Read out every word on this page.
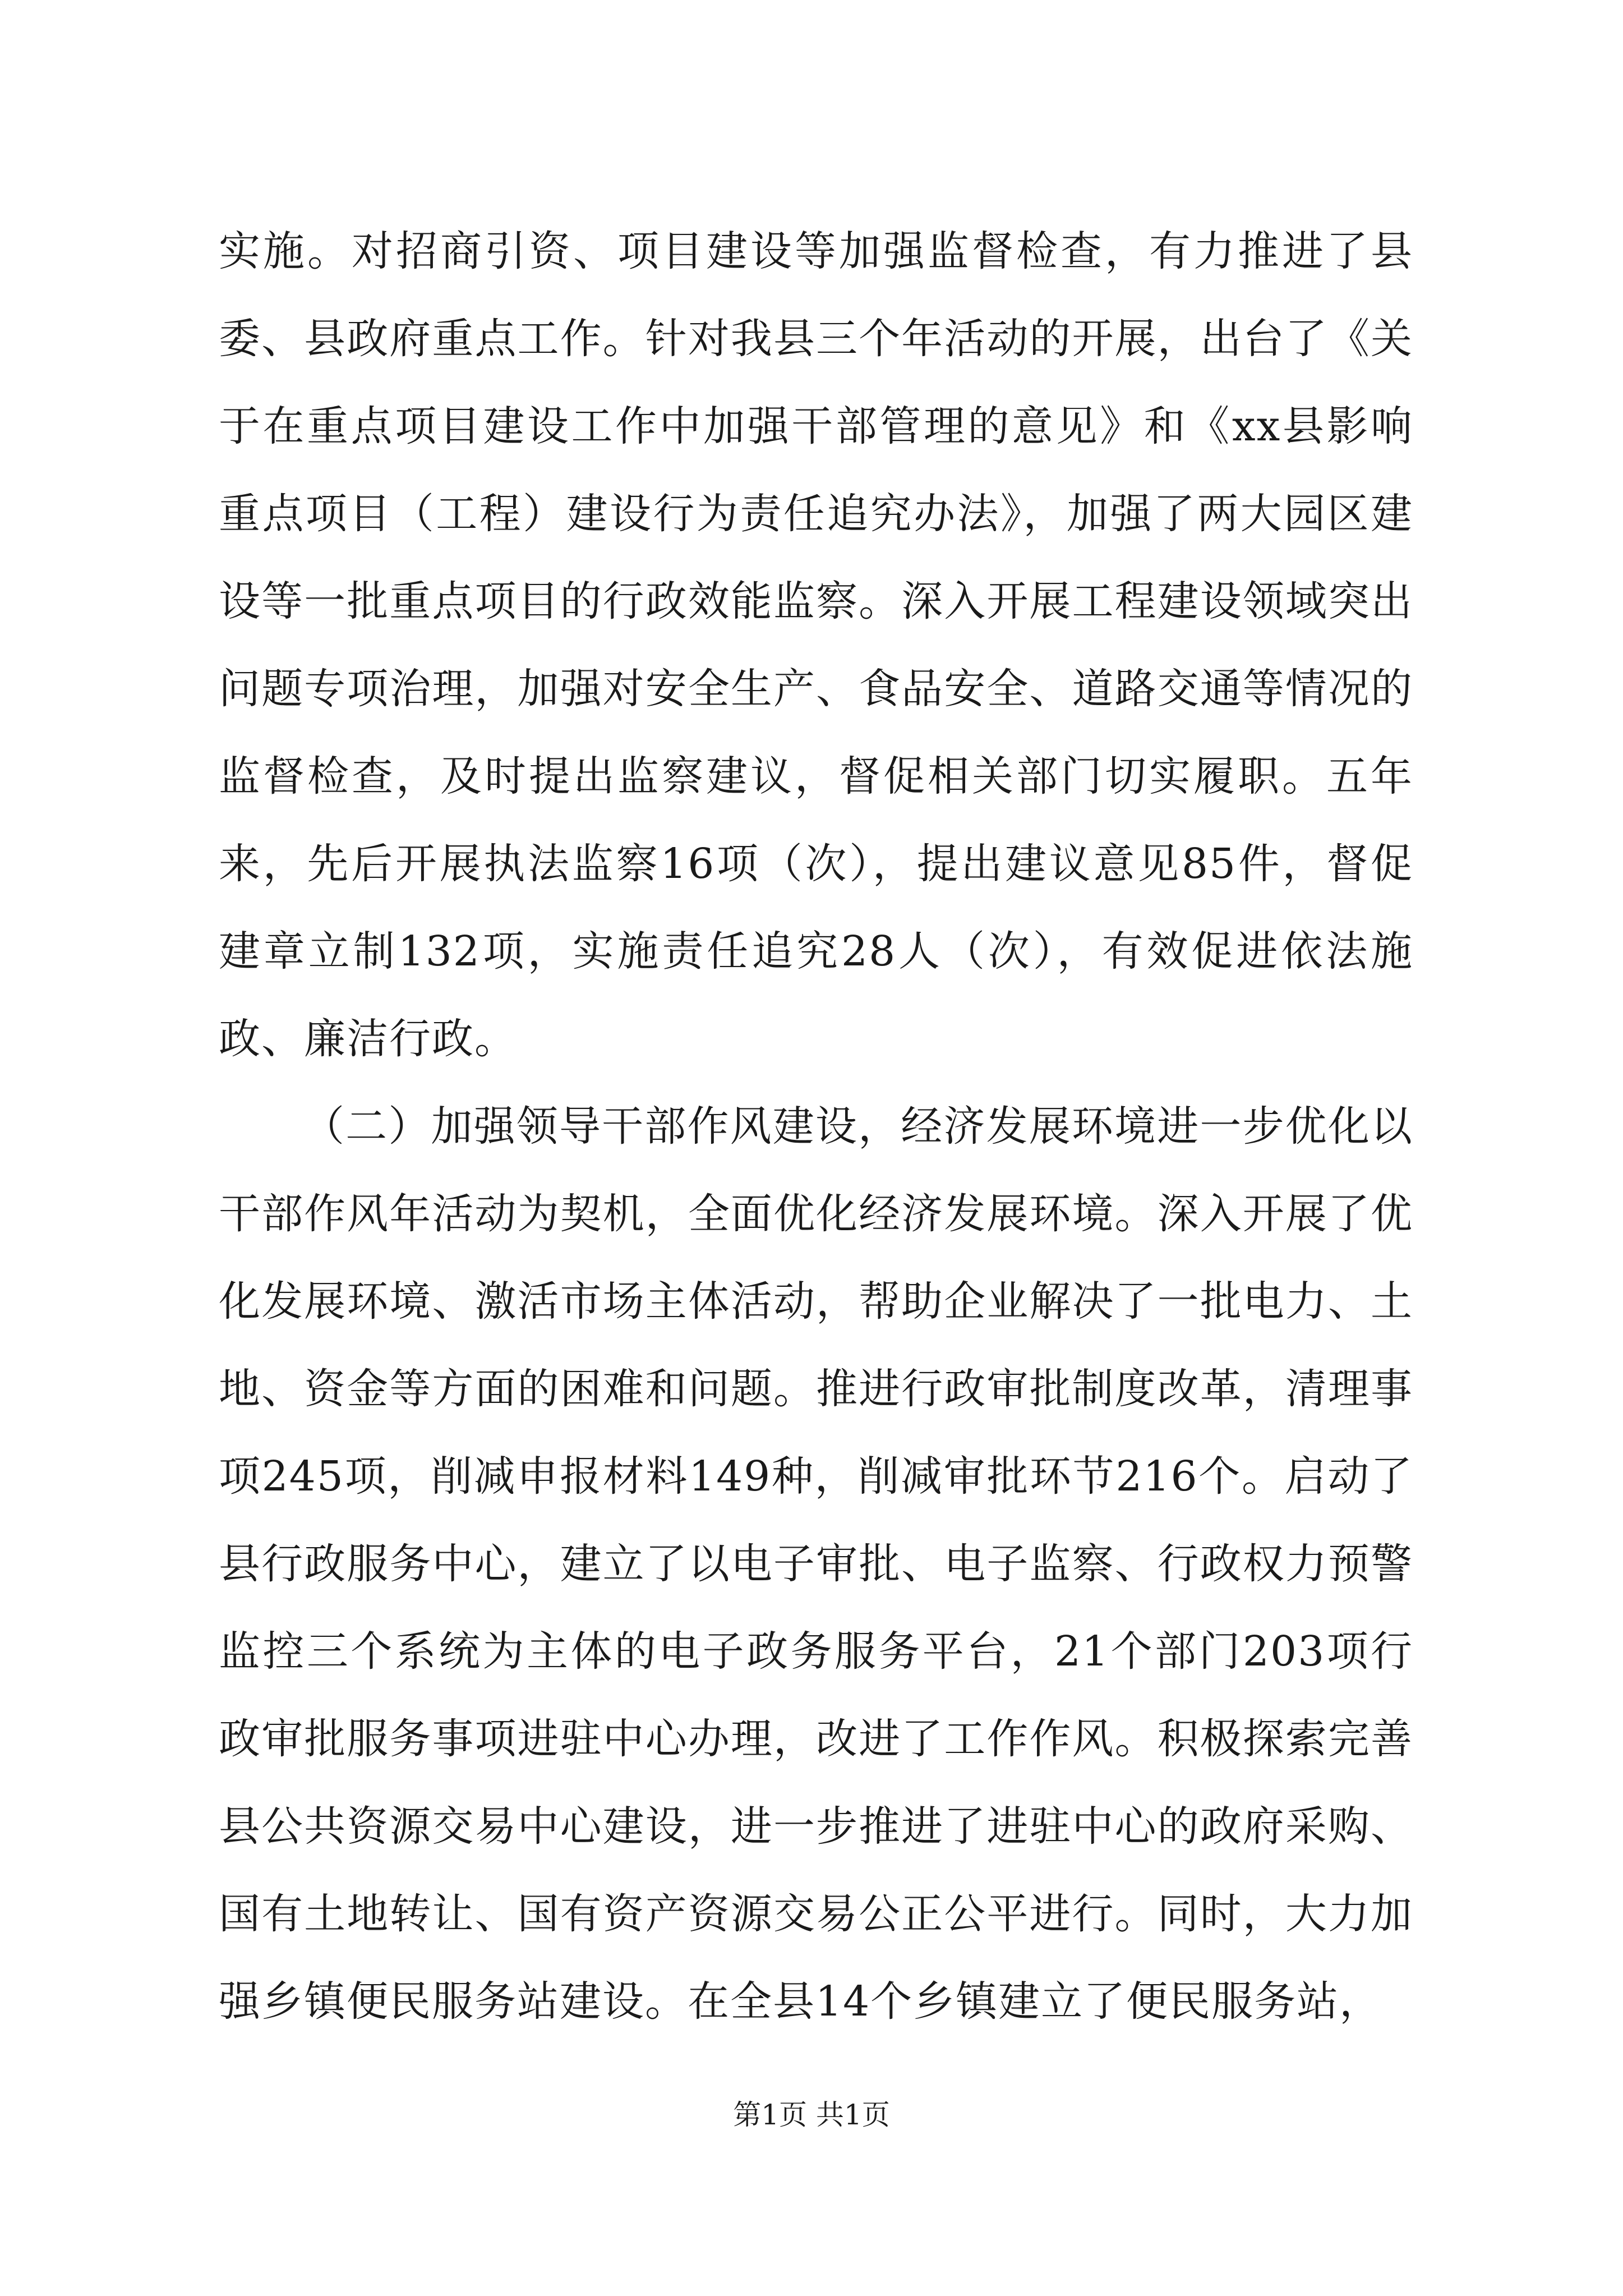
实施。对招商引资、项目建设等加强监督检查，有力推进了县委、县政府重点工作。针对我县三个年活动的开展，出台了《关于在重点项目建设工作中加强干部管理的意见》和《xx县影响重点项目（工程）建设行为责任追究办法》，加强了两大园区建设等一批重点项目的行政效能监察。深入开展工程建设领域突出问题专项治理，加强对安全生产、食品安全、道路交通等情况的监督检查，及时提出监察建议，督促相关部门切实履职。五年来，先后开展执法监察16项（次），提出建议意见85件，督促建章立制132项，实施责任追究28人（次），有效促进依法施政、廉洁行政。

（二）加强领导干部作风建设，经济发展环境进一步优化以干部作风年活动为契机，全面优化经济发展环境。深入开展了优化发展环境、激活市场主体活动，帮助企业解决了一批电力、土地、资金等方面的困难和问题。推进行政审批制度改革，清理事项245项，削减申报材料149种，削减审批环节216个。启动了县行政服务中心，建立了以电子审批、电子监察、行政权力预警监控三个系统为主体的电子政务服务平台，21个部门203项行政审批服务事项进驻中心办理，改进了工作作风。积极探索完善县公共资源交易中心建设，进一步推进了进驻中心的政府采购、国有土地转让、国有资产资源交易公正公平进行。同时，大力加强乡镇便民服务站建设。在全县14个乡镇建立了便民服务站，

第1页 共1页
